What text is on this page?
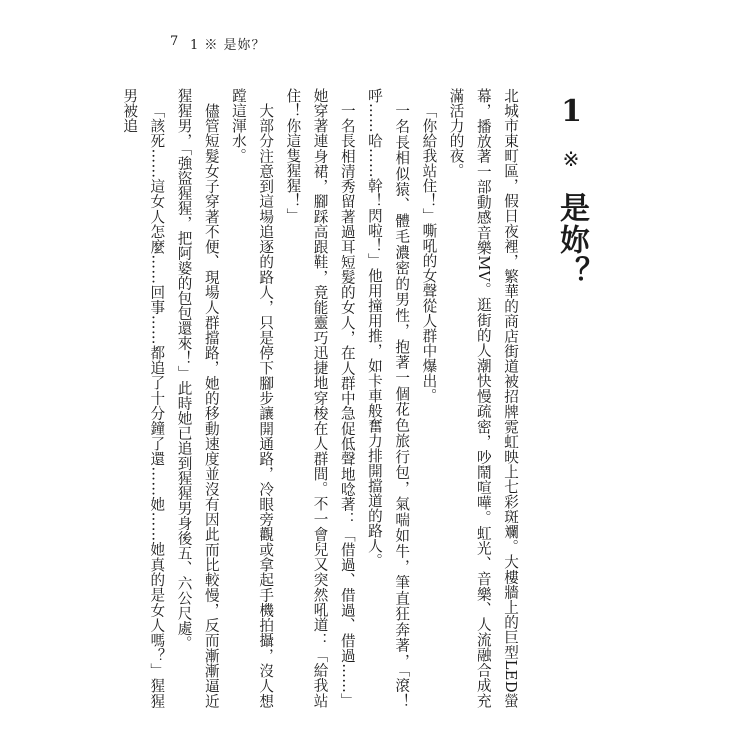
7 1 ※ 是妳？
1 ※ 是妳？

北城市東町區，假日夜裡，繁華的商店街道被招牌霓虹映上七彩斑斕。大樓牆上的巨型LED螢幕，播放著一部動感音樂MV。逛街的人潮快慢疏密，吵鬧喧嘩。虹光、音樂、人流融合成充滿活力的夜。

「你給我站住！」嘶吼的女聲從人群中爆出。

一名長相似猿、體毛濃密的男性，抱著一個花色旅行包，氣喘如牛，筆直狂奔著，「滾！呼……哈……幹！閃啦！」他用撞用推，如卡車般奮力排開擋道的路人。

一名長相清秀留著過耳短髮的女人，在人群中急促低聲地唸著：「借過、借過、借過……」她穿著連身裙，腳踩高跟鞋，竟能靈巧迅捷地穿梭在人群間。不一會兒又突然吼道：「給我站住！你這隻猩猩！」

大部分注意到這場追逐的路人，只是停下腳步讓開通路，冷眼旁觀或拿起手機拍攝，沒人想蹚這渾水。

儘管短髮女子穿著不便、現場人群擋路，她的移動速度並沒有因此而比較慢，反而漸漸逼近猩猩男，「強盜猩猩，把阿婆的包包還來！」此時她已追到猩猩男身後五、六公尺處。

「該死……這女人怎麼……回事……都追了十分鐘了還……她……她真的是女人嗎？」猩猩男被追
